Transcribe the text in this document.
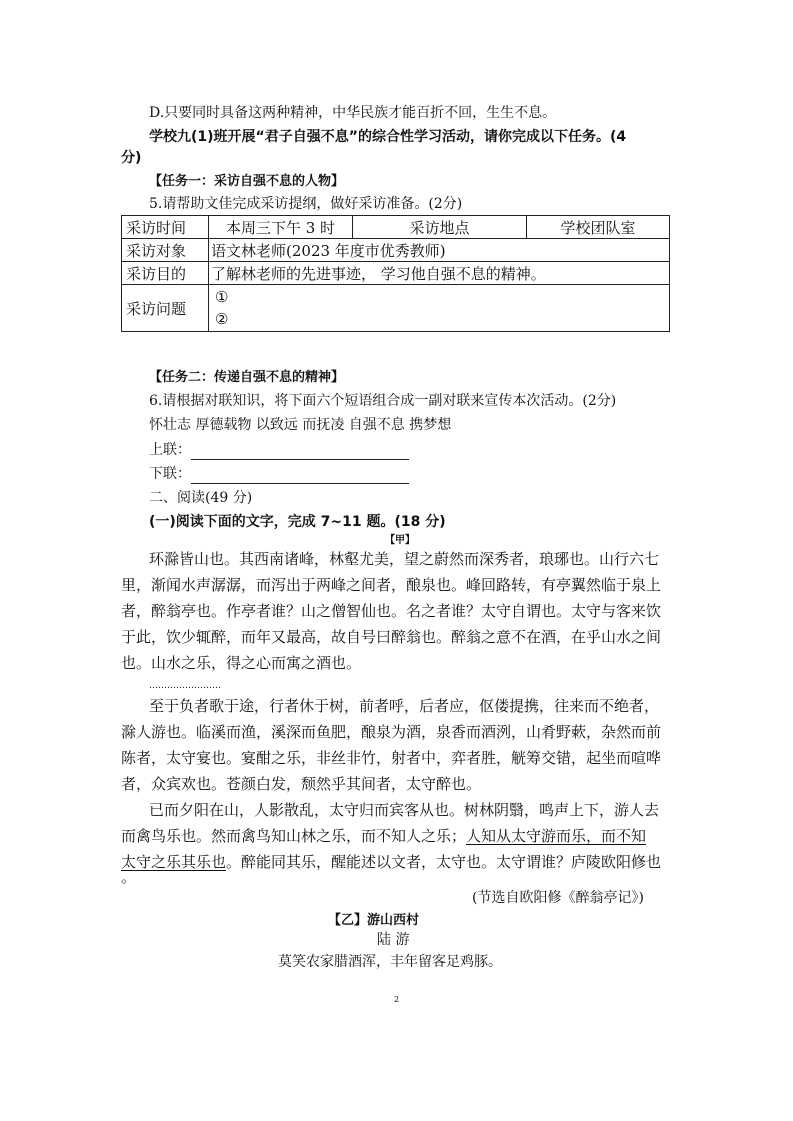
D.只要同时具备这两种精神，中华民族才能百折不回，生生不息。
学校九(1)班开展“君子自强不息”的综合性学习活动，请你完成以下任务。(4
分)
【任务一：采访自强不息的人物】
5.请帮助文佳完成采访提纲，做好采访准备。(2分)
采访时间	本周三下午 3 时	采访地点	学校团队室
采访对象	语文林老师(2023 年度市优秀教师)		
采访目的	了解林老师的先进事迹， 学习他自强不息的精神。		
采访问题	①
②		
【任务二：传递自强不息的精神】
6.请根据对联知识，将下面六个短语组合成一副对联来宣传本次活动。(2分)
怀壮志 厚德载物 以致远 而抚凌 自强不息 携梦想
上联：
下联：
二、阅读(49 分)
(一)阅读下面的文字，完成 7~11 题。(18 分)
【甲】
环滁皆山也。其西南诸峰，林壑尤美，望之蔚然而深秀者，琅琊也。山行六七
里，渐闻水声潺潺，而泻出于两峰之间者，酿泉也。峰回路转，有亭翼然临于泉上
者，醉翁亭也。作亭者谁？山之僧智仙也。名之者谁？太守自谓也。太守与客来饮
于此，饮少辄醉，而年又最高，故自号曰醉翁也。醉翁之意不在酒，在乎山水之间
也。山水之乐，得之心而寓之酒也。
……………………
至于负者歌于途，行者休于树，前者呼，后者应，伛偻提携，往来而不绝者，
滁人游也。临溪而渔，溪深而鱼肥，酿泉为酒，泉香而酒洌，山肴野蔌，杂然而前
陈者，太守宴也。宴酣之乐，非丝非竹，射者中，弈者胜，觥筹交错，起坐而喧哗
者，众宾欢也。苍颜白发，颓然乎其间者，太守醉也。
已而夕阳在山，人影散乱，太守归而宾客从也。树林阴翳，鸣声上下，游人去
而禽鸟乐也。然而禽鸟知山林之乐，而不知人之乐；人知从太守游而乐，而不知
太守之乐其乐也。醉能同其乐，醒能述以文者，太守也。太守谓谁？庐陵欧阳修也
。
(节选自欧阳修《醉翁亭记》)
【乙】游山西村
陆 游
莫笑农家腊酒浑，丰年留客足鸡豚。
2
